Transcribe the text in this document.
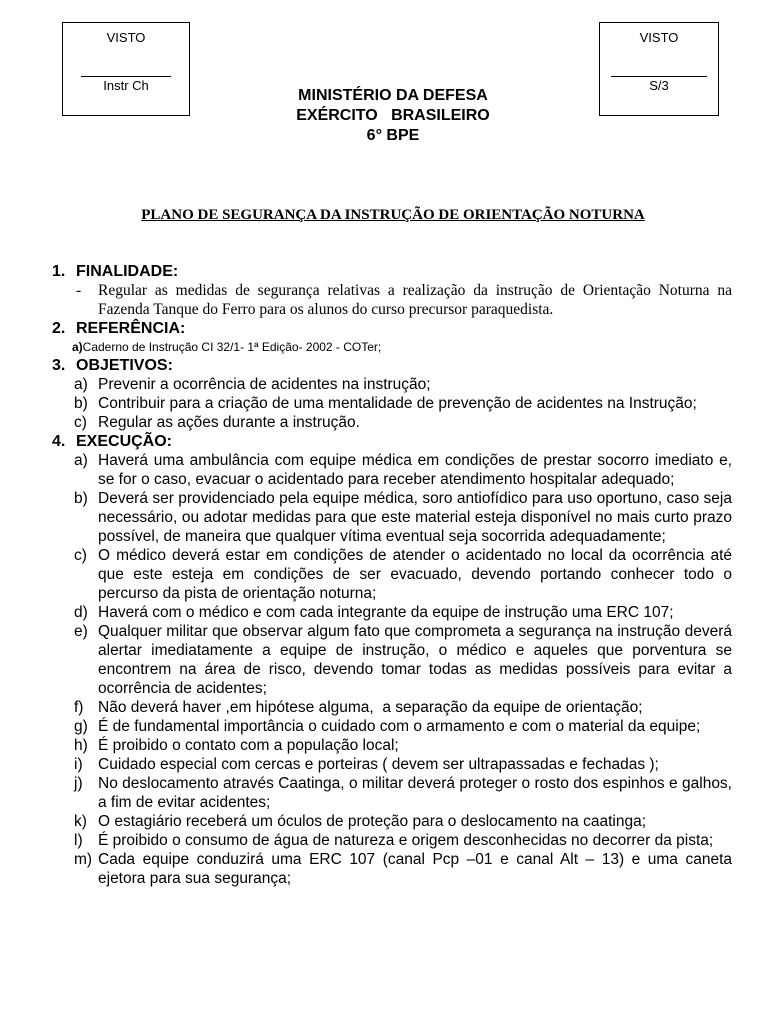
VISTO
Instr Ch
VISTO
S/3
MINISTÉRIO DA DEFESA
EXÉRCITO   BRASILEIRO
6° BPE
PLANO DE SEGURANÇA DA INSTRUÇÃO DE ORIENTAÇÃO NOTURNA
1. FINALIDADE:
-	Regular as medidas de segurança relativas a realização da instrução de Orientação Noturna na Fazenda Tanque do Ferro para os alunos do curso precursor paraquedista.
2. REFERÊNCIA:
a)Caderno de Instrução CI 32/1- 1ª Edição- 2002 - COTer;
3. OBJETIVOS:
a) Prevenir a ocorrência de acidentes na instrução;
b) Contribuir para a criação de uma mentalidade de prevenção de acidentes na Instrução;
c) Regular as ações durante a instrução.
4. EXECUÇÃO:
a) Haverá uma ambulância com equipe médica em condições de prestar socorro imediato e, se for o caso, evacuar o acidentado para receber atendimento hospitalar adequado;
b) Deverá ser providenciado pela equipe médica, soro antiofídico para uso oportuno, caso seja necessário, ou adotar medidas para que este material esteja disponível no mais curto prazo possível, de maneira que qualquer vítima eventual seja socorrida adequadamente;
c) O médico deverá estar em condições de atender o acidentado no local da ocorrência até que este esteja em condições de ser evacuado, devendo portando conhecer todo o percurso da pista de orientação noturna;
d) Haverá com o médico e com cada integrante da equipe de instrução uma ERC 107;
e) Qualquer militar que observar algum fato que comprometa a segurança na instrução deverá alertar imediatamente a equipe de instrução, o médico e aqueles que porventura se encontrem na área de risco, devendo tomar todas as medidas possíveis para evitar a ocorrência de acidentes;
f) Não deverá haver ,em hipótese alguma,  a separação da equipe de orientação;
g) É de fundamental importância o cuidado com o armamento e com o material da equipe;
h) É proibido o contato com a população local;
i) Cuidado especial com cercas e porteiras ( devem ser ultrapassadas e fechadas );
j) No deslocamento através Caatinga, o militar deverá proteger o rosto dos espinhos e galhos, a fim de evitar acidentes;
k) O estagiário receberá um óculos de proteção para o deslocamento na caatinga;
l) É proibido o consumo de água de natureza e origem desconhecidas no decorrer da pista;
m) Cada equipe conduzirá uma ERC 107 (canal Pcp –01 e canal Alt – 13) e uma caneta ejetora para sua segurança;
